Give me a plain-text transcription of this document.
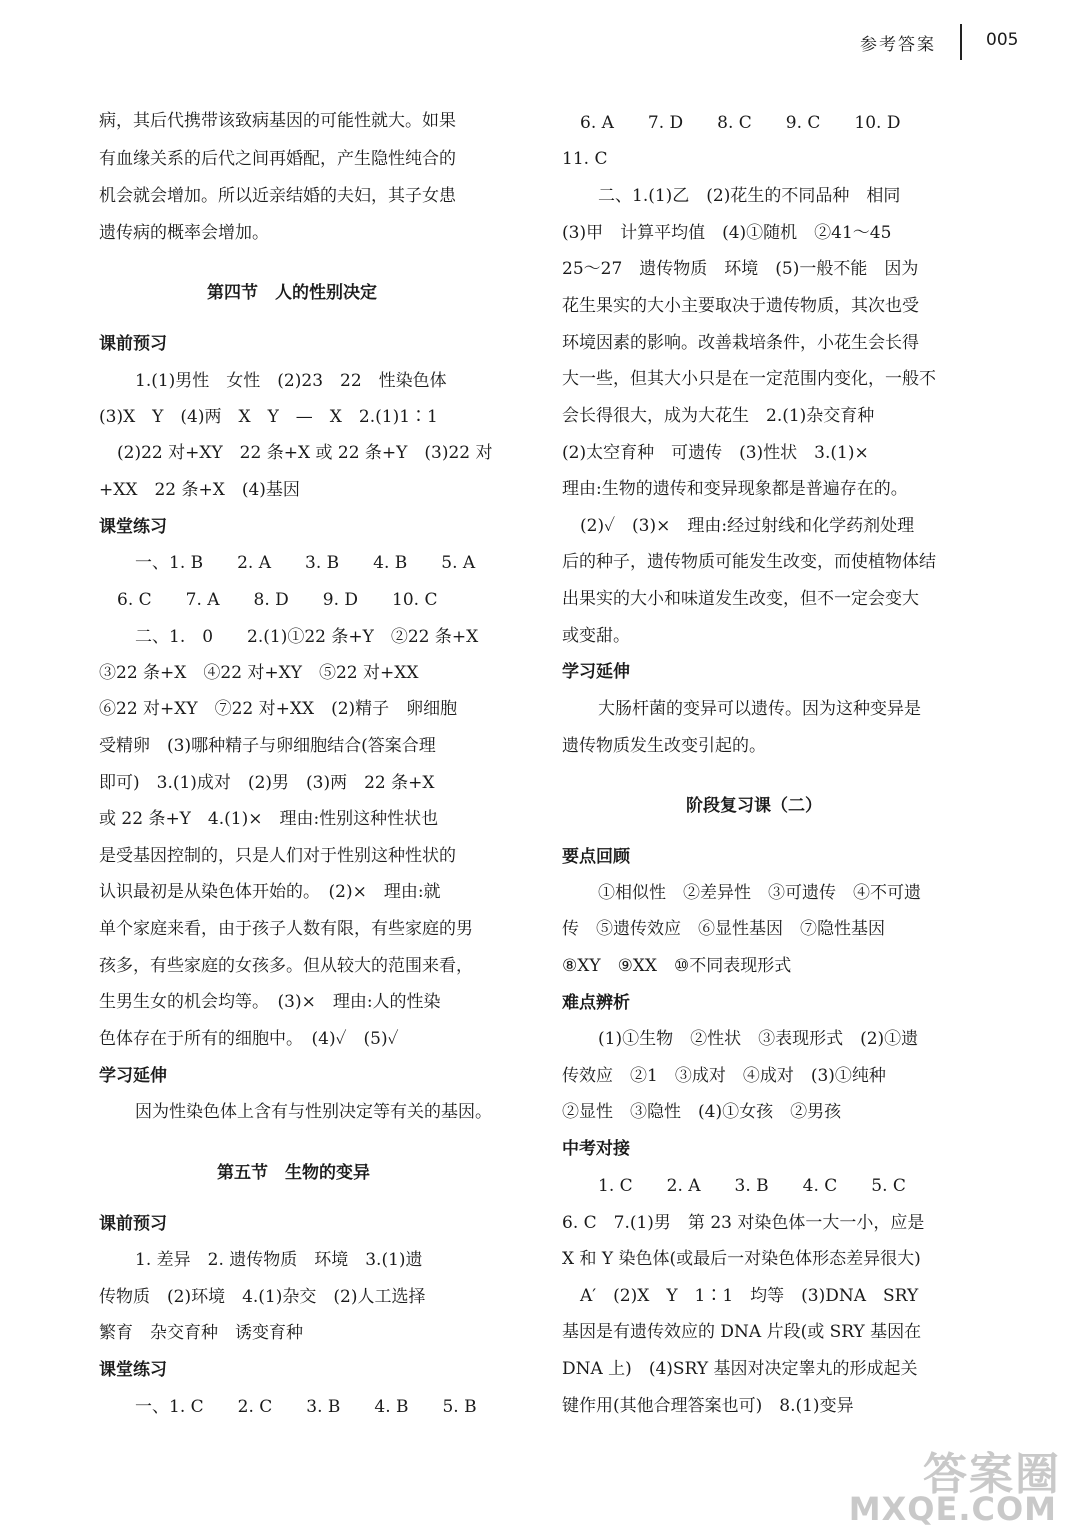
参考答案	005
病，其后代携带该致病基因的可能性就大。如果
有血缘关系的后代之间再婚配，产生隐性纯合的
机会就会增加。所以近亲结婚的夫妇，其子女患
遗传病的概率会增加。
第四节　人的性别决定
课前预习
1.(1)男性　女性　(2)23　22　性染色体
(3)X　Y　(4)两　X　Y　—　X　2.(1)1∶1
(2)22 对+XY　22 条+X 或 22 条+Y　(3)22 对
+XX　22 条+X　(4)基因
课堂练习
一、1. B　　2. A　　3. B　　4. B　　5. A
6. C　　7. A　　8. D　　9. D　　10. C
二、1.　0　　2.(1)①22 条+Y　②22 条+X
③22 条+X　④22 对+XY　⑤22 对+XX
⑥22 对+XY　⑦22 对+XX　(2)精子　卵细胞
受精卵　(3)哪种精子与卵细胞结合(答案合理
即可)　3.(1)成对　(2)男　(3)两　22 条+X
或 22 条+Y　4.(1)×　理由:性别这种性状也
是受基因控制的，只是人们对于性别这种性状的
认识最初是从染色体开始的。　(2)×　理由:就
单个家庭来看，由于孩子人数有限，有些家庭的男
孩多，有些家庭的女孩多。但从较大的范围来看，
生男生女的机会均等。　(3)×　理由:人的性染
色体存在于所有的细胞中。　(4)✓　(5)✓
学习延伸
因为性染色体上含有与性别决定等有关的基因。
第五节　生物的变异
课前预习
1. 差异　2. 遗传物质　环境　3.(1)遗
传物质　(2)环境　4.(1)杂交　(2)人工选择
繁育　杂交育种　诱变育种
课堂练习
一、1. C　　2. C　　3. B　　4. B　　5. B
6. A　　7. D　　8. C　　9. C　　10. D
11. C
二、1.(1)乙　(2)花生的不同品种　相同
(3)甲　计算平均值　(4)①随机　②41～45
25～27　遗传物质　环境　(5)一般不能　因为
花生果实的大小主要取决于遗传物质，其次也受
环境因素的影响。改善栽培条件，小花生会长得
大一些，但其大小只是在一定范围内变化，一般不
会长得很大，成为大花生　2.(1)杂交育种
(2)太空育种　可遗传　(3)性状　3.(1)×
理由:生物的遗传和变异现象都是普遍存在的。
(2)✓　(3)×　理由:经过射线和化学药剂处理
后的种子，遗传物质可能发生改变，而使植物体结
出果实的大小和味道发生改变，但不一定会变大
或变甜。
学习延伸
大肠杆菌的变异可以遗传。因为这种变异是
遗传物质发生改变引起的。
阶段复习课（二）
要点回顾
①相似性　②差异性　③可遗传　④不可遗
传　⑤遗传效应　⑥显性基因　⑦隐性基因
⑧XY　⑨XX　⑩不同表现形式
难点辨析
(1)①生物　②性状　③表现形式　(2)①遗
传效应　②1　③成对　④成对　(3)①纯种
②显性　③隐性　(4)①女孩　②男孩
中考对接
1. C　　2. A　　3. B　　4. C　　5. C
6. C　7.(1)男　第 23 对染色体一大一小，应是
X 和 Y 染色体(或最后一对染色体形态差异很大)
A′　(2)X　Y　1∶1　均等　(3)DNA　SRY
基因是有遗传效应的 DNA 片段(或 SRY 基因在
DNA 上)　(4)SRY 基因对决定睾丸的形成起关
键作用(其他合理答案也可)　8.(1)变异
答案圈
MXQE.COM
